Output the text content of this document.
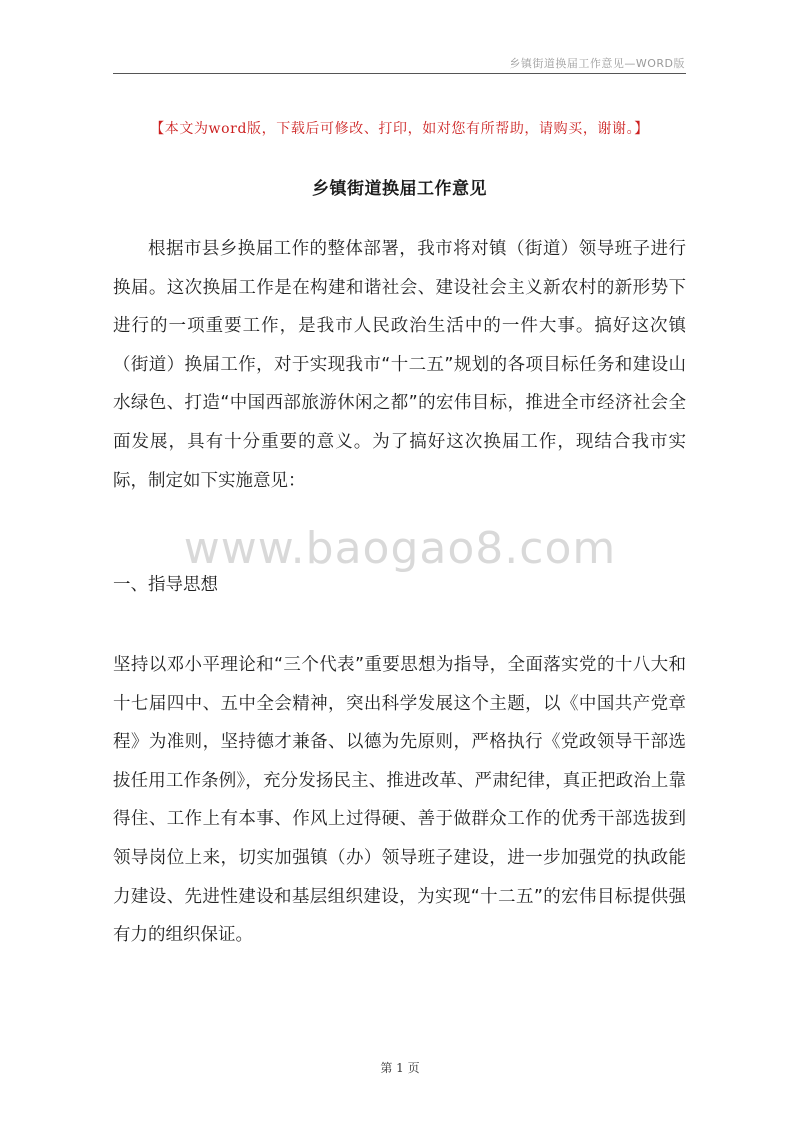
乡镇街道换届工作意见—WORD版
【本文为word版，下载后可修改、打印，如对您有所帮助，请购买，谢谢。】
乡镇街道换届工作意见

根据市县乡换届工作的整体部署，我市将对镇（街道）领导班子进行换届。这次换届工作是在构建和谐社会、建设社会主义新农村的新形势下进行的一项重要工作，是我市人民政治生活中的一件大事。搞好这次镇（街道）换届工作，对于实现我市“十二五”规划的各项目标任务和建设山水绿色、打造“中国西部旅游休闲之都”的宏伟目标，推进全市经济社会全面发展，具有十分重要的意义。为了搞好这次换届工作，现结合我市实际，制定如下实施意见：

www.baogao8.com
一、指导思想

坚持以邓小平理论和“三个代表”重要思想为指导，全面落实党的十八大和十七届四中、五中全会精神，突出科学发展这个主题，以《中国共产党章程》为准则，坚持德才兼备、以德为先原则，严格执行《党政领导干部选拔任用工作条例》，充分发扬民主、推进改革、严肃纪律，真正把政治上靠得住、工作上有本事、作风上过得硬、善于做群众工作的优秀干部选拔到领导岗位上来，切实加强镇（办）领导班子建设，进一步加强党的执政能力建设、先进性建设和基层组织建设，为实现“十二五”的宏伟目标提供强有力的组织保证。

第 1 页
